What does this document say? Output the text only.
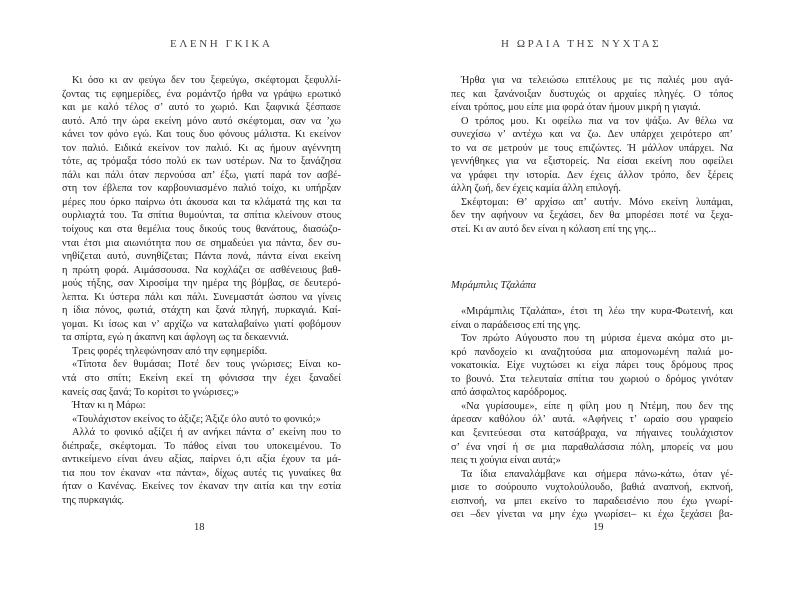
ΕΛΕΝΗ ΓΚΙΚΑ
Κι όσο κι αν φεύγω δεν του ξεφεύγω, σκέφτομαι ξεφυλλί-
ζοντας τις εφημερίδες, ένα ρομάντζο ήρθα να γράψω ερωτικό
και με καλό τέλος σ’ αυτό το χωριό. Και ξαφνικά ξέσπασε
αυτό. Από την ώρα εκείνη μόνο αυτό σκέφτομαι, σαν να ’χω
κάνει τον φόνο εγώ. Και τους δυο φόνους μάλιστα. Κι εκείνον
τον παλιό. Ειδικά εκείνον τον παλιό. Κι ας ήμουν αγέννητη
τότε, ας τρόμαξα τόσο πολύ εκ των υστέρων. Να το ξανάζησα
πάλι και πάλι όταν περνούσα απ’ έξω, γιατί παρά τον ασβέ-
στη τον έβλεπα τον καρβουνιασμένο παλιό τοίχο, κι υπήρξαν
μέρες που όρκο παίρνω ότι άκουσα και τα κλάματά της και τα
ουρλιαχτά του. Τα σπίτια θυμούνται, τα σπίτια κλείνουν στους
τοίχους και στα θεμέλια τους δικούς τους θανάτους, διασώζο-
νται έτσι μια αιωνιότητα που σε σημαδεύει για πάντα, δεν συ-
νηθίζεται αυτό, συνηθίζεται; Πάντα πονά, πάντα είναι εκείνη
η πρώτη φορά. Αιμάσσουσα. Να κοχλάζει σε ασθένειους βαθ-
μούς τήξης, σαν Χιροσίμα την ημέρα της βόμβας, σε δευτερό-
λεπτα. Κι ύστερα πάλι και πάλι. Συνεμαστάτ ώσπου να γίνεις
η ίδια πόνος, φωτιά, στάχτη και ξανά πληγή, πυρκαγιά. Καί-
γομαι. Κι ίσως και ν’ αρχίζω να καταλαβαίνω γιατί φοβόμουν
τα σπίρτα, εγώ η άκαπνη και άφλογη ως τα δεκαεννιά.
Τρεις φορές τηλεφώνησαν από την εφημερίδα.
«Τίποτα δεν θυμάσαι; Ποτέ δεν τους γνώρισες; Είναι κο-
ντά στο σπίτι; Εκείνη εκεί τη φόνισσα την έχει ξαναδεί
κανείς σας ξανά; Το κορίτσι το γνώρισες;»
Ήταν κι η Μάρω:
«Τουλάχιστον εκείνος το άξιζε; Άξιζε όλο αυτό το φονικό;»
Αλλά το φονικό αξίζει ή αν ανήκει πάντα σ’ εκείνη που το
διέπραξε, σκέφτομαι. Το πάθος είναι του υποκειμένου. Το
αντικείμενο είναι άνευ αξίας, παίρνει ό,τι αξία έχουν τα μά-
τια που τον έκαναν «τα πάντα», δίχως αυτές τις γυναίκες θα
ήταν ο Κανένας. Εκείνες τον έκαναν την αιτία και την εστία
της πυρκαγιάς.
18
Η ΩΡΑΙΑ ΤΗΣ ΝΥΧΤΑΣ
Ήρθα για να τελειώσω επιτέλους με τις παλιές μου αγά-
πες και ξανάνοιξαν δυστυχώς οι αρχαίες πληγές. Ο τόπος
είναι τρόπος, μου είπε μια φορά όταν ήμουν μικρή η γιαγιά.
Ο τρόπος μου. Κι οφείλω πια να τον ψάξω. Αν θέλω να
συνεχίσω ν’ αντέχω και να ζω. Δεν υπάρχει χειρότερο απ’
το να σε μετρούν με τους επιζώντες. Ή μάλλον υπάρχει. Να
γεννήθηκες για να εξιστορείς. Να είσαι εκείνη που οφείλει
να γράφει την ιστορία. Δεν έχεις άλλον τρόπο, δεν ξέρεις
άλλη ζωή, δεν έχεις καμία άλλη επιλογή.
Σκέφτομαι: Θ’ αρχίσω απ’ αυτήν. Μόνο εκείνη λυπάμαι,
δεν την αφήνουν να ξεχάσει, δεν θα μπορέσει ποτέ να ξεχα-
στεί. Κι αν αυτό δεν είναι η κόλαση επί της γης...
Μιράμπιλις Τζαλάπα
«Μιράμπιλις Τζαλάπα», έτσι τη λέω την κυρα-Φωτεινή, και
είναι ο παράδεισος επί της γης.
Τον πρώτο Αύγουστο που τη μύρισα έμενα ακόμα στο μι-
κρό πανδοχείο κι αναζητούσα μια απομονωμένη παλιά μο-
νοκατοικία. Είχε νυχτώσει κι είχα πάρει τους δρόμους προς
το βουνό. Στα τελευταία σπίτια του χωριού ο δρόμος γινόταν
από άσφαλτος καρόδρομος.
«Να γυρίσουμε», είπε η φίλη μου η Ντέμη, που δεν της
άρεσαν καθόλου όλ’ αυτά. «Αφήνεις τ’ ωραίο σου γραφείο
και ξενιτεύεσαι στα κατσάβραχα, να πήγαινες τουλάχιστον
σ’ ένα νησί ή σε μια παραθαλάσσια πόλη, μπορείς να μου
πεις τι χούγια είναι αυτά;»
Τα ίδια επαναλάμβανε και σήμερα πάνω-κάτω, όταν γέ-
μισε το σούρουπο νυχτολούλουδο, βαθιά αναπνοή, εκπνοή,
εισπνοή, να μπει εκείνο το παραδεισένιο που έχω γνωρί-
σει –δεν γίνεται να μην έχω γνωρίσει– κι έχω ξεχάσει βα-
19
